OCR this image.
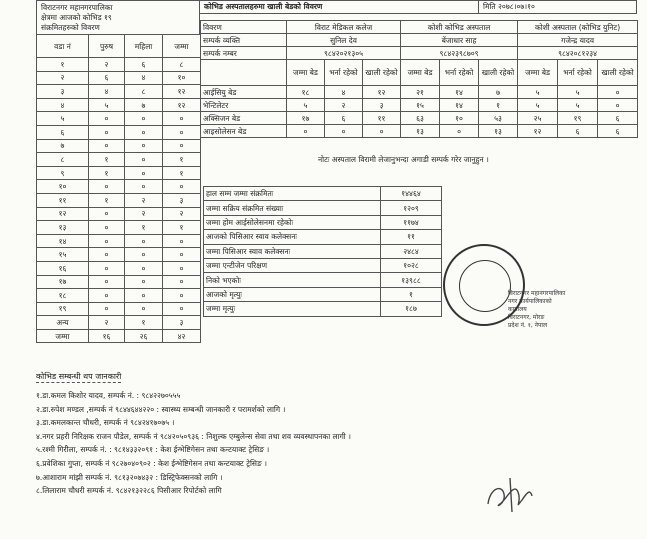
विराटनगर महानगरपालिका
क्षेत्रमा आजको कोभिड १९
संक्रमितहरुको विवरण
वडा नं	पुरुष	महिला	जम्मा
१	२	६	८
२	६	४	१०
३	४	८	१२
४	५	७	१२
५	०	०	०
६	०	०	०
७	०	०	०
८	१	०	१
९	१	०	१
१०	०	०	०
११	१	२	३
१२	०	२	२
१३	०	१	१
१४	०	०	०
१५	०	०	०
१६	०	०	०
१७	०	०	०
१८	०	०	०
१९	०	०	०
अन्य	२	१	३
जम्मा	१६	२६	४२
कोभिड अस्पतालहरुमा खाली बेडको विवरण	मिति २०७८।०७।१०
विवरण	विराट मेडिकल कलेज			कोशी कोभिड अस्पताल			कोशी अस्पताल (कोभिड युनिट)		
सम्पर्क व्यक्ति	सुनिल देव			बेंजाधार साह			गजेन्द्र यादव		
सम्पर्क नम्बर	९८४२०२१३०५			९८४२३९८७०९			९८४२०८१२३४		
	जम्मा बेड	भर्ना रहेको	खाली रहेको	जम्मा बेड	भर्ना रहेको	खाली रहेको	जम्मा बेड	भर्ना रहेको	खाली रहेको
आईसियु बेड	१८	४	१२	२१	१४	७	५	५	०
भेन्टिलेटर	५	२	३	१५	१४	१	५	५	०
अक्सिजन बेड	१७	६	११	६३	१०	५३	२५	१९	६
आइसोलेसन बेड	०	०	०	१३	०	१३	१२	६	६
नोटः अस्पताल विरामी लेजानुभन्दा अगाडी सम्पर्क गरेर जानुहुन ।
हाल सम्म जम्मा संक्रमितः	१४४६४
जम्मा सक्रिय संक्रमित संख्याः	१२०९
जम्मा होम आईसोलेसनमा रहेकोः	११७४
आजको पिसिआर स्वाव कलेक्सनः	११
जम्मा पिसिआर स्वाव कलेक्सनः	२४८४
जम्मा एन्टीजेन परिक्षण	१०२८
निको भएकोः	१३९८८
आजको मृत्युः	१
जम्मा मृत्युः	१८७
विराटनगर महानगरपालिका
नगर कार्यपालिकाको
कार्यालय
विराटनगर, मोरङ
प्रदेश नं. १, नेपाल
कोभिड सम्बन्धी थप जानकारी
१.डा.कमल किशोर यादव, सम्पर्क नं. : ९८४२२७०५५५
२.डा.रुपेश मण्डल ,सम्पर्क नं ९८४४६४४२२० : स्वास्थ्य सम्बन्धी जानकारी र परामर्शको लागि ।
३.डा.कमलकान्त चौधरी, सम्पर्क नं ९८४२४१७०७५ ।
४.नगर प्रहरी निरिक्षक राजन पौडेल, सम्पर्क नं ९८४२०५०९३६ : निशुल्क एम्बुलेन्स सेवा तथा शव व्यवस्थापनका लागी ।
५.रश्मी गिरीेला, सम्पर्क नं. : ९८१४३३२०९१ : केश ईन्भेष्टिगेसन तथा कन्टयाक्ट ट्रेसिङ ।
६.प्रवेशिका गुप्ता, सम्पर्क नं ९८२७०४०९०२ : केश ईन्भेष्टिगेसन तथा कन्टयाक्ट ट्रेसिङ ।
७.आशाराम मांझी सम्पर्क नं. ९८१३२०७४३२ : डिस्ट्रिफेक्सनको लागि ।
८.लिलाराम चौधरी सम्पर्क नं. ९८४२१३२२८६ पिसीआर रिपोर्टको लागि
